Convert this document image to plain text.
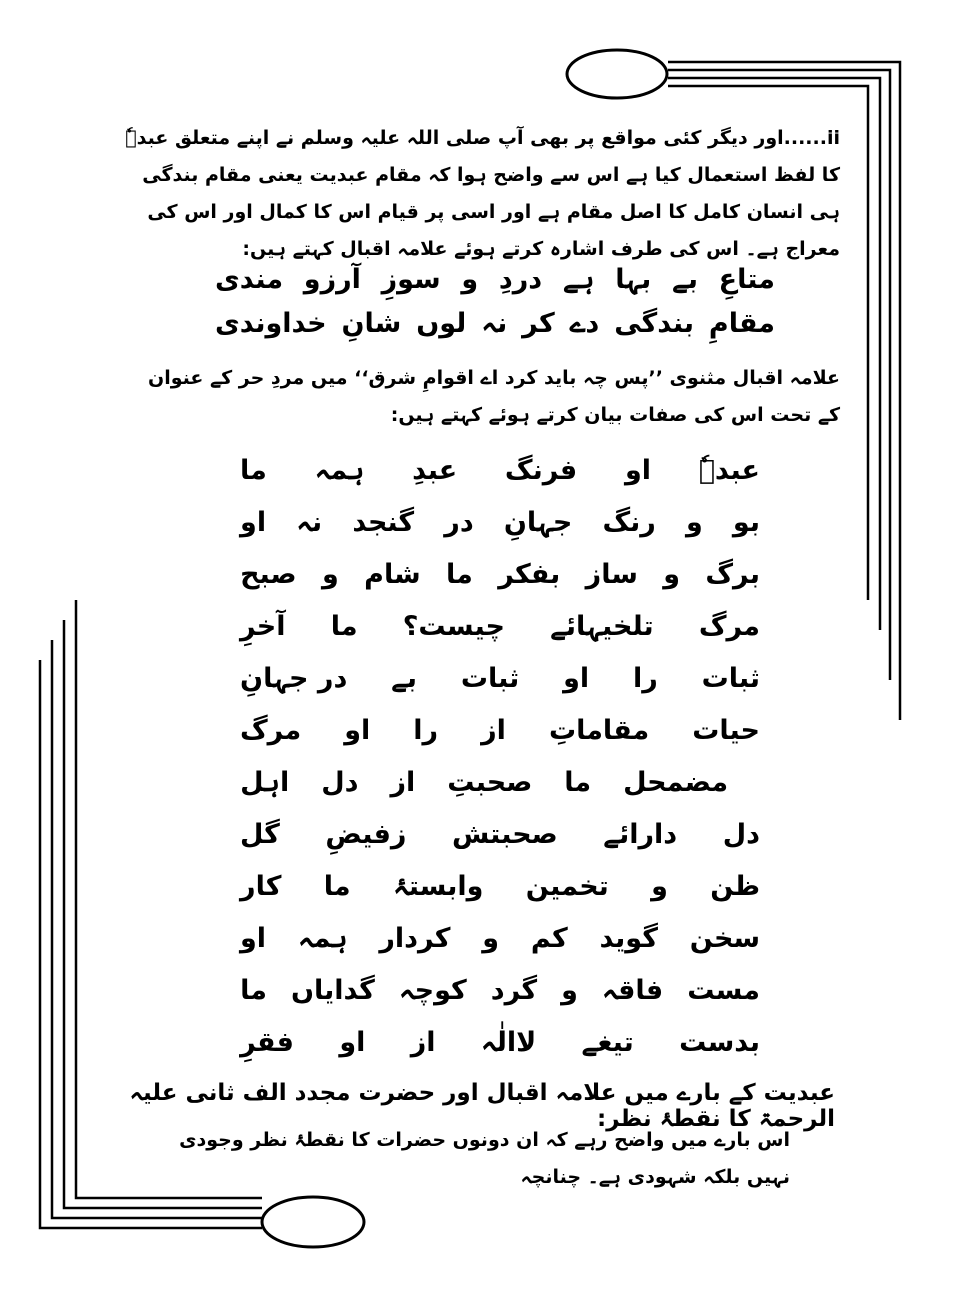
ii......اور دیگر کئی مواقع پر بھی آپ صلی اللہ علیہ وسلم نے اپنے متعلق عبدہٗ کا لفظ استعمال کیا ہے اس سے واضح ہوا کہ مقام عبدیت یعنی مقام بندگی ہی انسان کامل کا اصل مقام ہے اور اسی پر قیام اس کا کمال اور اس کی معراج ہے۔ اس کی طرف اشارہ کرتے ہوئے علامہ اقبال کہتے ہیں:
متاعِ بے بہا ہے دردِ و سوزِ آرزو مندی
مقامِ بندگی دے کر نہ لوں شانِ خداوندی
علامہ اقبال مثنوی ’’پس چہ باید کرد اے اقوامِ شرق‘‘ میں مردِ حر کے عنوان کے تحت اس کی صفات بیان کرتے ہوئے کہتے ہیں:
ما ہمہ عبدِ فرنگ او عبدہٗ
او نہ گنجد در جہانِ رنگ و بو
صبح و شام ما بفکر ساز و برگ
آخرِ ما چیست؟ تلخیہائے مرگ
در جہانِ بے ثبات او را ثبات
مرگ او را از مقاماتِ حیات
اہل دل از صحبتِ ما مضمحل
گل زفیضِ صحبتش دارائے دل
کار ما وابستۂ تخمین و ظن
او ہمہ کردار و کم گوید سخن
ما گدایاں کوچہ گرد و فاقہ مست
فقرِ او از لاالٰہ تیغے بدست
عبدیت کے بارے میں علامہ اقبال اور حضرت مجدد الف ثانی علیہ الرحمۃ کا نقطۂ نظر:
اس بارے میں واضح رہے کہ ان دونوں حضرات کا نقطۂ نظر وجودی نہیں بلکہ شہودی ہے۔ چنانچہ
